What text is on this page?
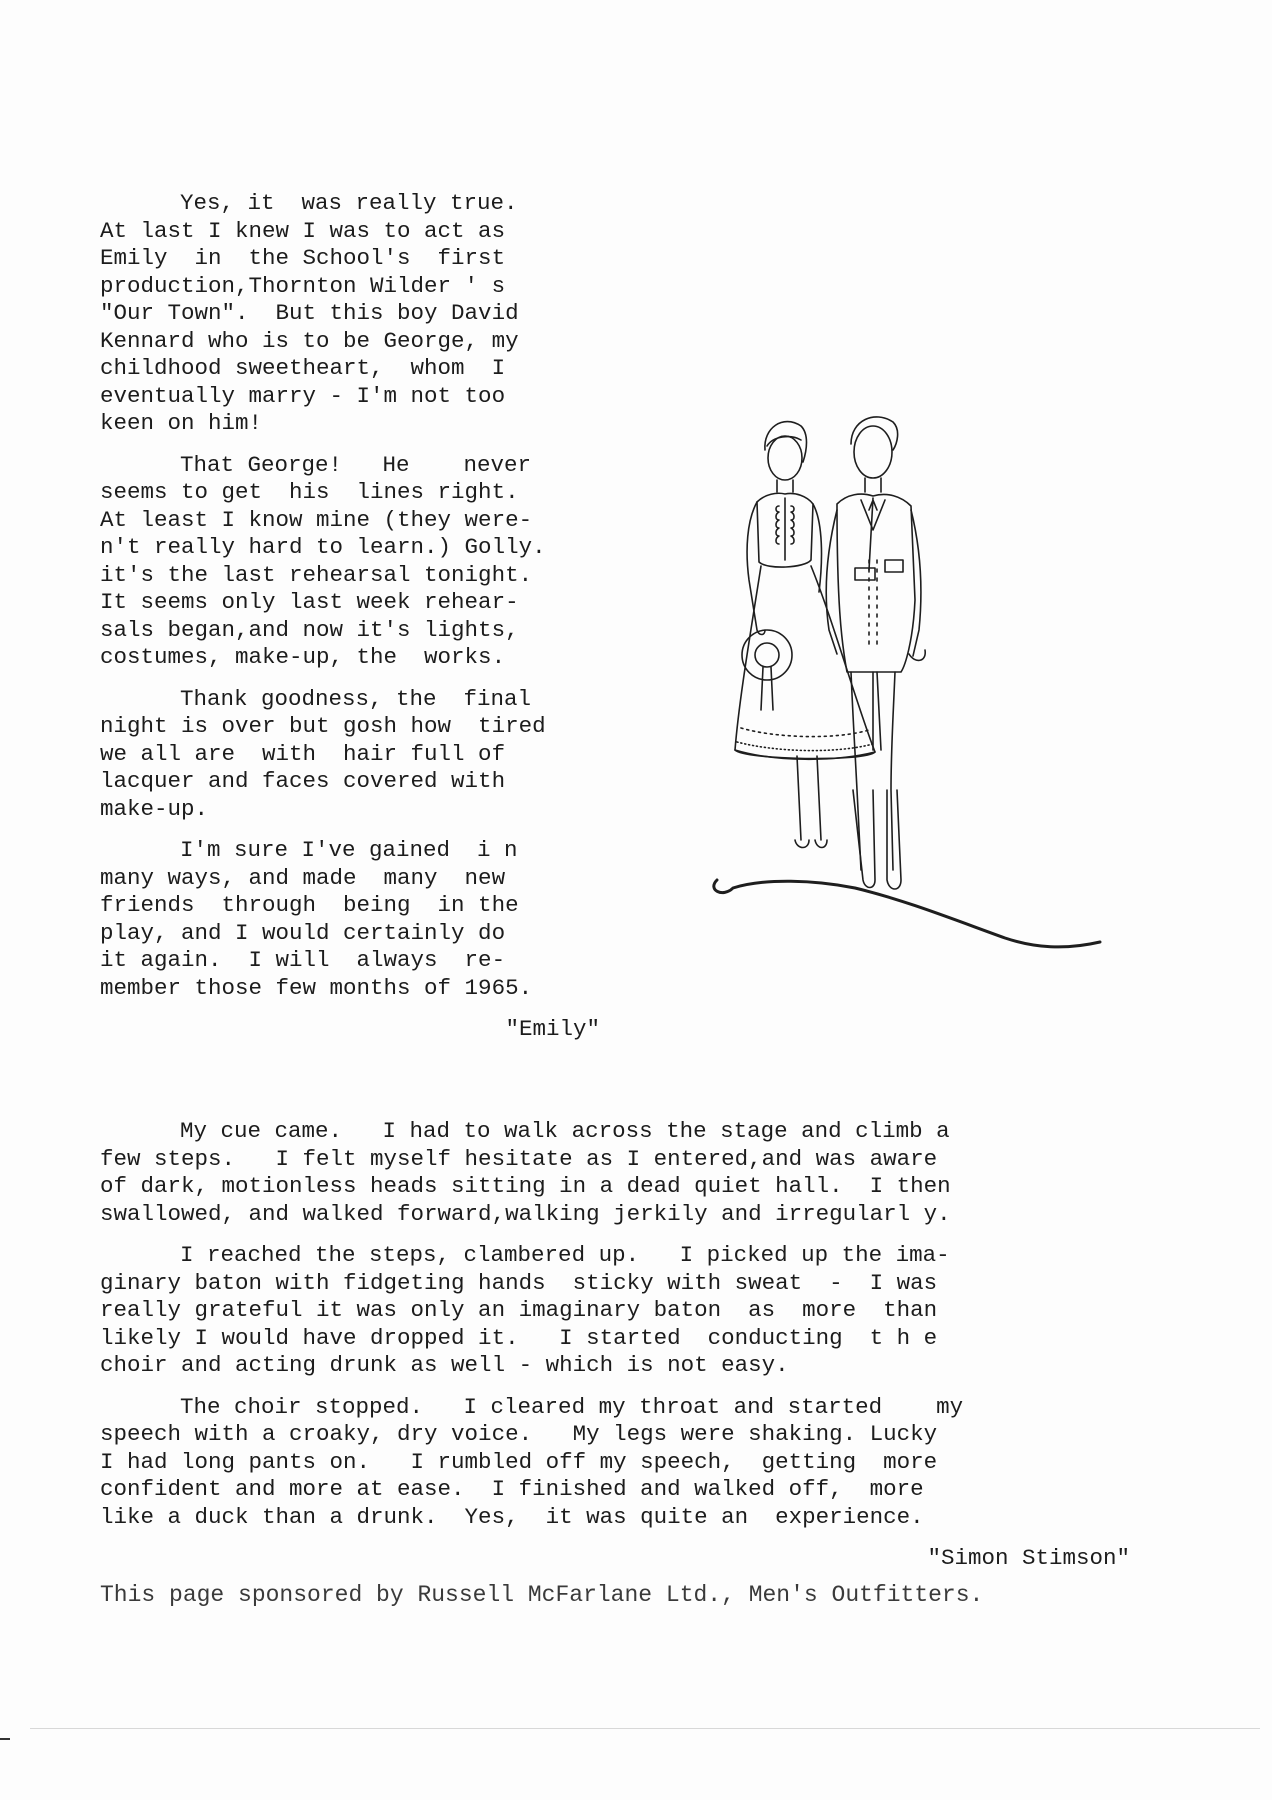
Yes, it  was really true.
At last I knew I was to act as
Emily  in  the School's  first
production,Thornton Wilder ' s
"Our Town".  But this boy David
Kennard who is to be George, my
childhood sweetheart,  whom  I
eventually marry - I'm not too
keen on him!

That George!   He    never
seems to get  his  lines right.
At least I know mine (they were-
n't really hard to learn.) Golly.
it's the last rehearsal tonight.
It seems only last week rehear-
sals began,and now it's lights,
costumes, make-up, the  works.

Thank goodness, the  final
night is over but gosh how  tired
we all are  with  hair full of
lacquer and faces covered with
make-up.

I'm sure I've gained  i n
many ways, and made  many  new
friends  through  being  in the
play, and I would certainly do
it again.  I will  always  re-
member those few months of 1965.

"Emily"

My cue came.   I had to walk across the stage and climb a
few steps.   I felt myself hesitate as I entered,and was aware
of dark, motionless heads sitting in a dead quiet hall.  I then
swallowed, and walked forward,walking jerkily and irregularl y.

I reached the steps, clambered up.   I picked up the ima-
ginary baton with fidgeting hands  sticky with sweat  -  I was
really grateful it was only an imaginary baton  as  more  than
likely I would have dropped it.   I started  conducting  t h e
choir and acting drunk as well - which is not easy.

The choir stopped.   I cleared my throat and started    my
speech with a croaky, dry voice.   My legs were shaking. Lucky
I had long pants on.   I rumbled off my speech,  getting  more
confident and more at ease.  I finished and walked off,  more
like a duck than a drunk.  Yes,  it was quite an  experience.

"Simon Stimson"
This page sponsored by Russell McFarlane Ltd., Men's Outfitters.
